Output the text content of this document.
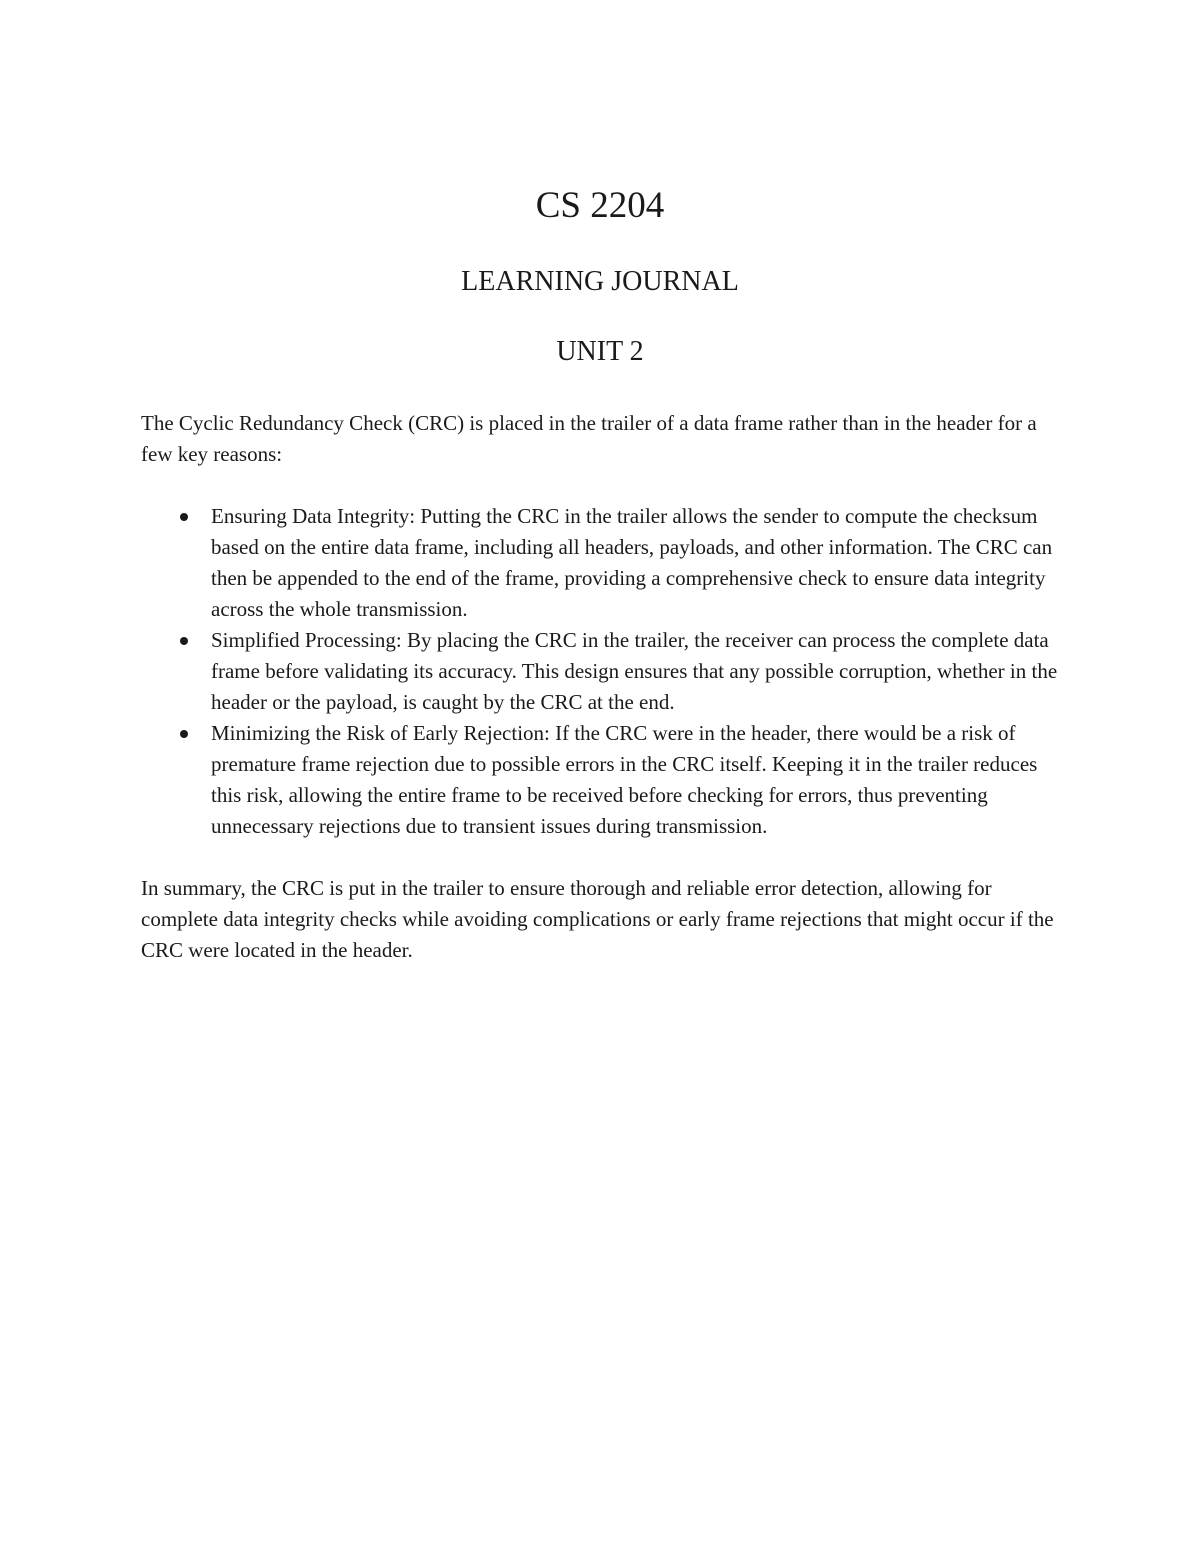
CS 2204
LEARNING JOURNAL
UNIT 2

The Cyclic Redundancy Check (CRC) is placed in the trailer of a data frame rather than in the header for a few key reasons:

Ensuring Data Integrity: Putting the CRC in the trailer allows the sender to compute the checksum based on the entire data frame, including all headers, payloads, and other information. The CRC can then be appended to the end of the frame, providing a comprehensive check to ensure data integrity across the whole transmission.
Simplified Processing: By placing the CRC in the trailer, the receiver can process the complete data frame before validating its accuracy. This design ensures that any possible corruption, whether in the header or the payload, is caught by the CRC at the end.
Minimizing the Risk of Early Rejection: If the CRC were in the header, there would be a risk of premature frame rejection due to possible errors in the CRC itself. Keeping it in the trailer reduces this risk, allowing the entire frame to be received before checking for errors, thus preventing unnecessary rejections due to transient issues during transmission.

In summary, the CRC is put in the trailer to ensure thorough and reliable error detection, allowing for complete data integrity checks while avoiding complications or early frame rejections that might occur if the CRC were located in the header.
